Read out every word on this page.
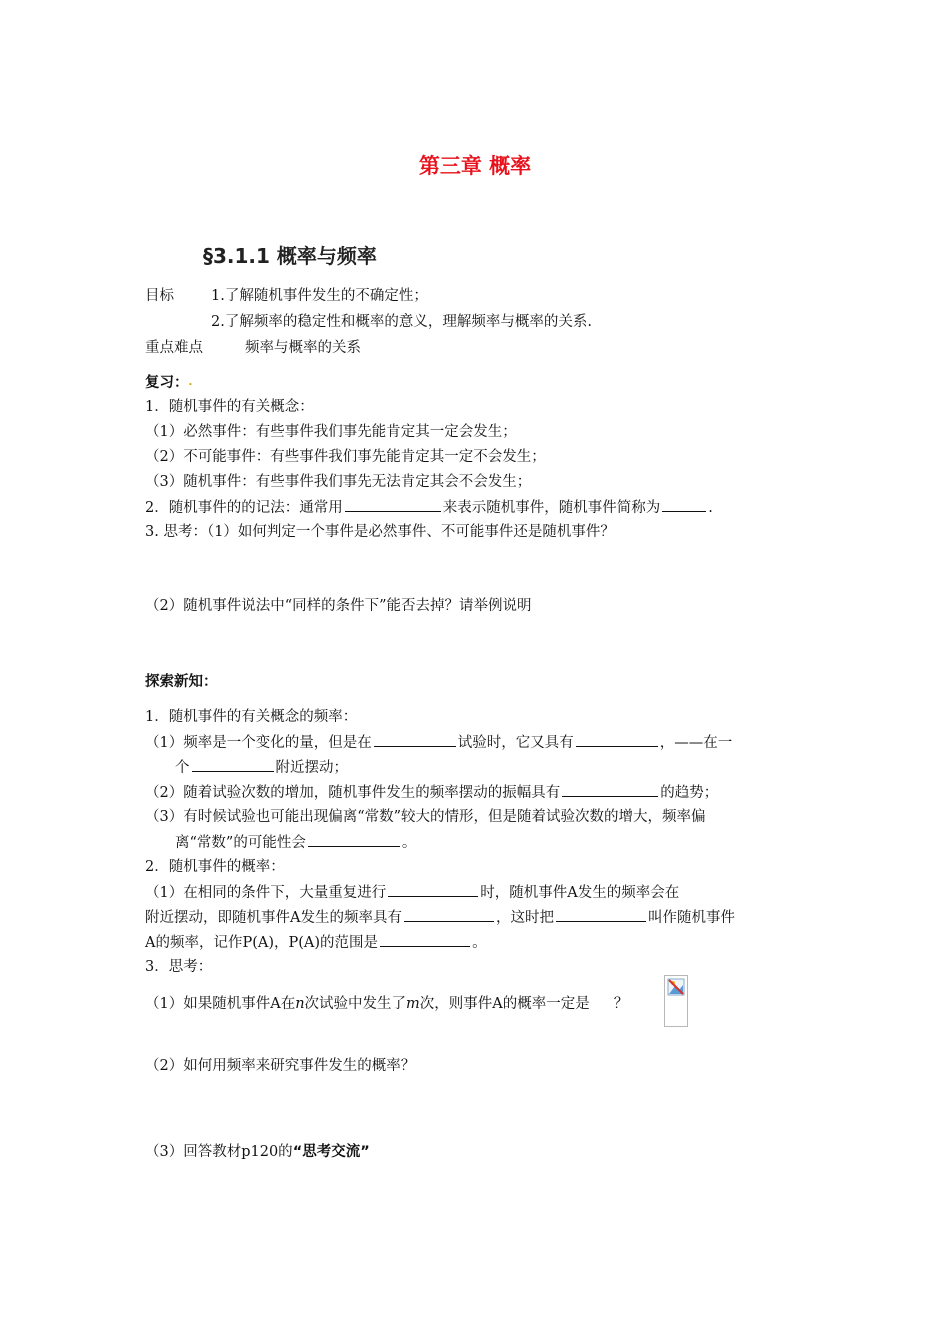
第三章 概率
§3.1.1 概率与频率
目标	1.了解随机事件发生的不确定性；
2.了解频率的稳定性和概率的意义，理解频率与概率的关系.
重点难点	频率与概率的关系
复习：.
1．随机事件的有关概念：
（1）必然事件：有些事件我们事先能肯定其一定会发生；
（2）不可能事件：有些事件我们事先能肯定其一定不会发生；
（3）随机事件：有些事件我们事先无法肯定其会不会发生；
2．随机事件的的记法：通常用	来表示随机事件，随机事件简称为	.
3. 思考：（1）如何判定一个事件是必然事件、不可能事件还是随机事件？
（2）随机事件说法中“同样的条件下”能否去掉？请举例说明
探索新知：
1．随机事件的有关概念的频率：
（1）频率是一个变化的量，但是在	试验时，它又具有	，——在一
个	附近摆动；
（2）随着试验次数的增加，随机事件发生的频率摆动的振幅具有	的趋势；
（3）有时候试验也可能出现偏离“常数”较大的情形，但是随着试验次数的增大，频率偏
离“常数”的可能性会	。
2．随机事件的概率：
（1）在相同的条件下，大量重复进行	时，随机事件A发生的频率会在
附近摆动，即随机事件A发生的频率具有	，这时把	叫作随机事件
A的频率，记作P(A)，P(A)的范围是	。
3．思考：
（1）如果随机事件A在n次试验中发生了m次，则事件A的概率一定是 ？
（2）如何用频率来研究事件发生的概率？
（3）回答教材p120的“思考交流”
